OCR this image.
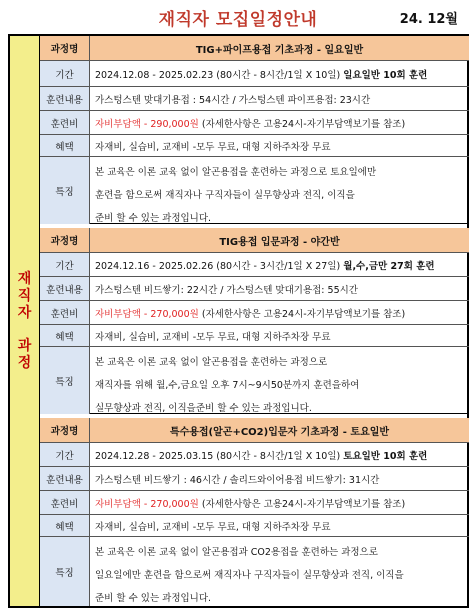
재직자 모집일정안내	24. 12월
재
직
자
과
정
과정명	TIG+파이프용접 기초과정 - 일요일반
기간	2024.12.08 - 2025.02.23 (80시간 - 8시간/1일 X 10일)
일요일반 10회 훈련
훈련내용	가스텅스텐 맞대기용접 : 54시간 / 가스텅스텐 파이프용접: 23시간
훈련비	자비부담액 - 290,000원
(자세한사항은 고용24시-자기부담액보기를 참조)
혜택	자재비, 실습비, 교재비 -모두 무료, 대형 지하주차장 무료
특징
본 교육은 이론 교육 없이 알곤용접을 훈련하는 과정으로 토요일에만
훈련을 함으로써 재직자나 구직자들이 실무향상과 전직, 이직을
준비 할 수 있는 과정입니다.
과정명	TIG용접 입문과정 - 야간반
기간	2024.12.16 - 2025.02.26 (80시간 - 3시간/1일 X 27일)
월,수,금만 27회 훈련
훈련내용	가스텅스텐 비드쌓기: 22시간 / 가스텅스텐 맞대기용접: 55시간
훈련비	자비부담액 - 270,000원
(자세한사항은 고용24시-자기부담액보기를 참조)
혜택	자재비, 실습비, 교재비 -모두 무료, 대형 지하주차장 무료
특징
본 교육은 이론 교육 없이 알곤용접을 훈련하는 과정으로
재직자를 위해 월,수,금요일 오후 7시~9시50분까지 훈련을하여
실무향상과 전직, 이직을준비 할 수 있는 과정입니다.
과정명	특수용접(알곤+CO2)입문자 기초과정 - 토요일반
기간	2024.12.28 - 2025.03.15 (80시간 - 8시간/1일 X 10일)
토요일반 10회 훈련
훈련내용	가스텅스텐 비드쌓기 : 46시간 / 솔리드와이어용접 비드쌓기: 31시간
훈련비	자비부담액 - 270,000원
(자세한사항은 고용24시-자기부담액보기를 참조)
혜택	자재비, 실습비, 교재비 -모두 무료, 대형 지하주차장 무료
특징
본 교육은 이론 교육 없이 알곤용접과 CO2용접을 훈련하는 과정으로
일요일에만 훈련을 함으로써 재직자나 구직자들이 실무향상과 전직, 이직을
준비 할 수 있는 과정입니다.
